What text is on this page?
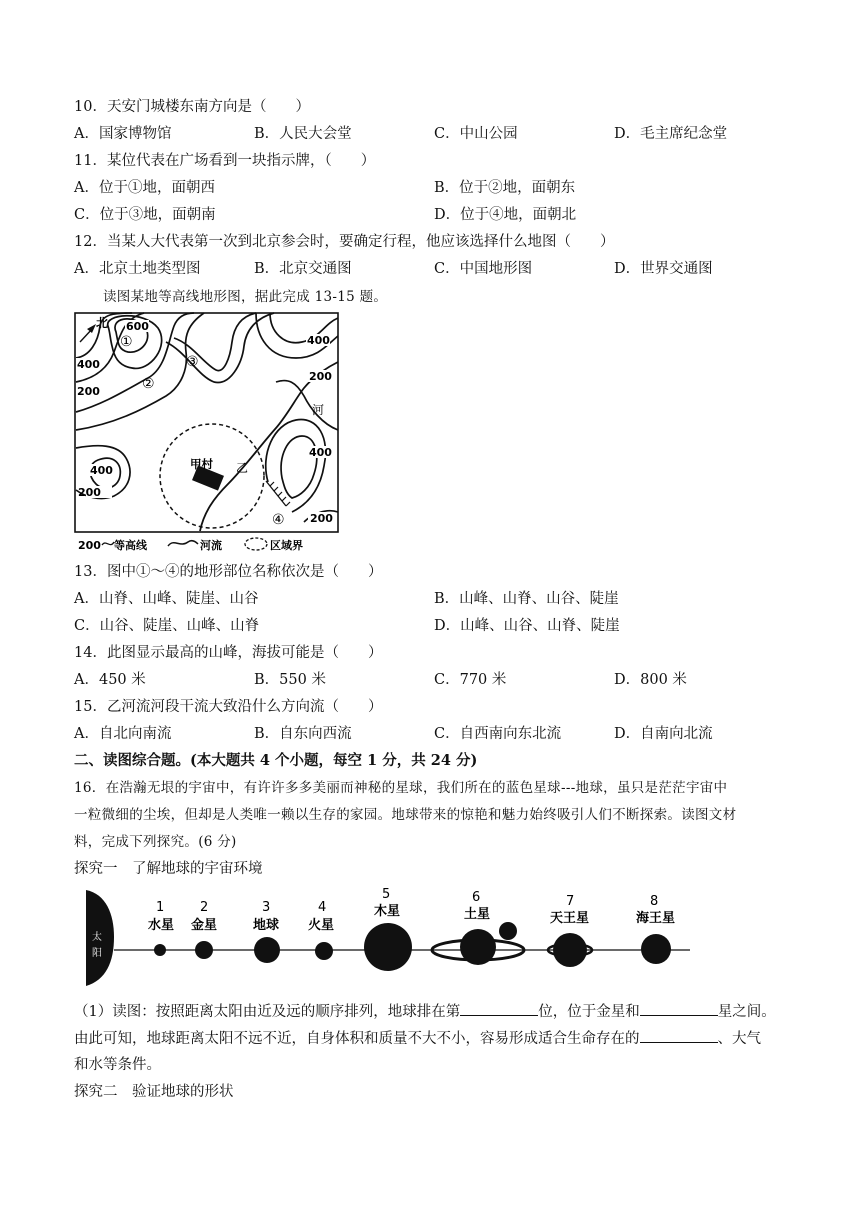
10．天安门城楼东南方向是（　　）
A．国家博物馆	B．人民大会堂	C．中山公园	D．毛主席纪念堂
11．某位代表在广场看到一块指示牌，（　　）
A．位于①地，面朝西	B．位于②地，面朝东
C．位于③地，面朝南	D．位于④地，面朝北
12．当某人大代表第一次到北京参会时，要确定行程，他应该选择什么地图（　　）
A．北京土地类型图	B．北京交通图	C．中国地形图	D．世界交通图
读图某地等高线地形图，据此完成 13-15 题。
北
甲村 乙
河
600
400
400
200
400
200
400
200
200
①
②
③
④
200 等高线	河流	区域界
13．图中①～④的地形部位名称依次是（　　）
A．山脊、山峰、陡崖、山谷	B．山峰、山脊、山谷、陡崖
C．山谷、陡崖、山峰、山脊	D．山峰、山谷、山脊、陡崖
14．此图显示最高的山峰，海拔可能是（　　）
A．450 米	B．550 米	C．770 米	D．800 米
15．乙河流河段干流大致沿什么方向流（　　）
A．自北向南流	B．自东向西流	C．自西南向东北流	D．自南向北流
二、读图综合题。(本大题共 4 个小题，每空 1 分，共 24 分)
16．在浩瀚无垠的宇宙中，有许许多多美丽而神秘的星球，我们所在的蓝色星球---地球，虽只是茫茫宇宙中
一粒微细的尘埃，但却是人类唯一赖以生存的家园。地球带来的惊艳和魅力始终吸引人们不断探索。读图文材
料，完成下列探究。(6 分)
探究一　了解地球的宇宙环境
太
阳
1	2	3	4
5	6	7	8
水星 金星	地球 火星
木星	土星	天王星	海王星
（1）读图：按照距离太阳由近及远的顺序排列，地球排在第	位，位于金星和	星之间。
由此可知，地球距离太阳不远不近，自身体积和质量不大不小，容易形成适合生命存在的	、大气
和水等条件。
探究二　验证地球的形状
